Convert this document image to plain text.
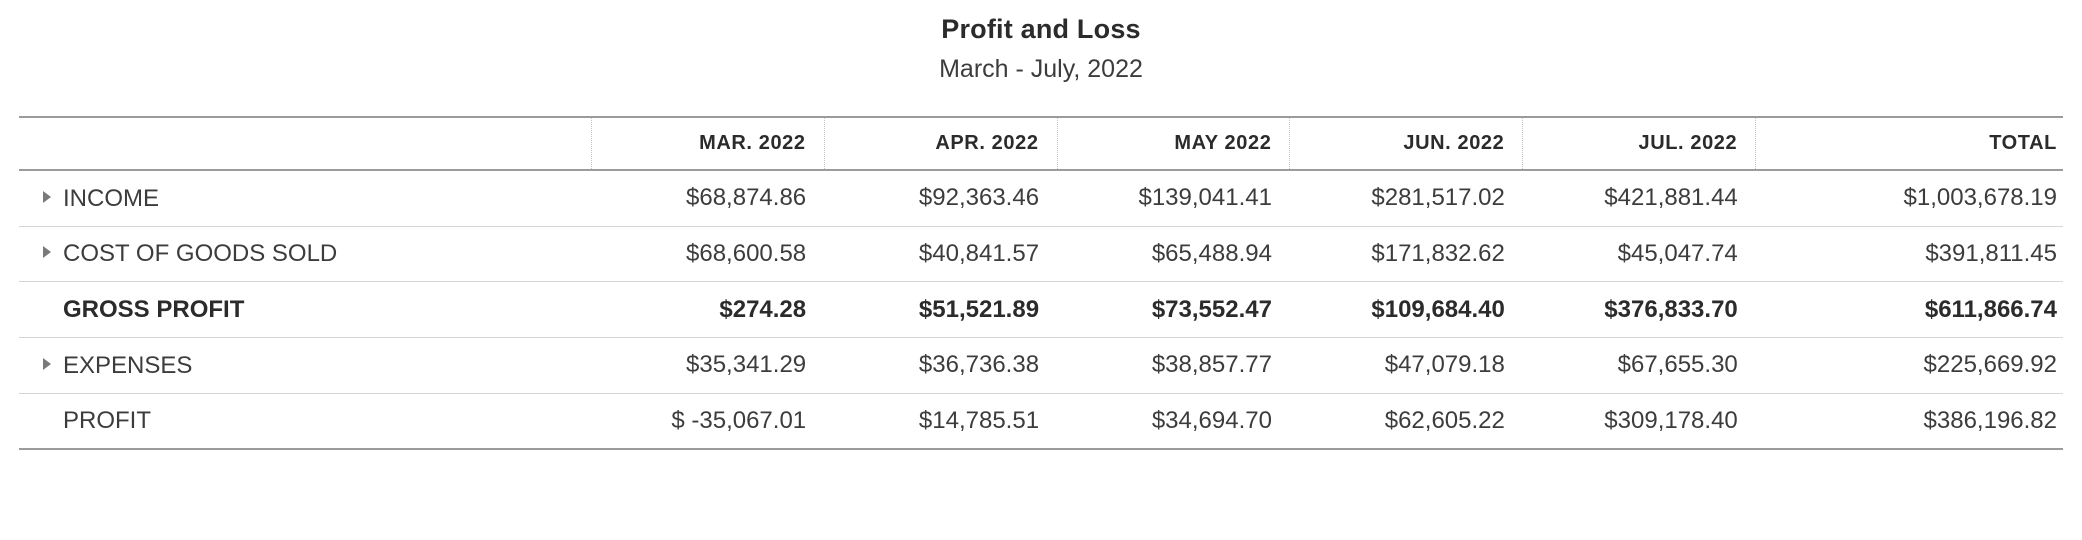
Profit and Loss
March - July, 2022
	MAR. 2022	APR. 2022	MAY 2022	JUN. 2022	JUL. 2022	TOTAL
INCOME	$68,874.86	$92,363.46	$139,041.41	$281,517.02	$421,881.44	$1,003,678.19
COST OF GOODS SOLD	$68,600.58	$40,841.57	$65,488.94	$171,832.62	$45,047.74	$391,811.45
GROSS PROFIT	$274.28	$51,521.89	$73,552.47	$109,684.40	$376,833.70	$611,866.74
EXPENSES	$35,341.29	$36,736.38	$38,857.77	$47,079.18	$67,655.30	$225,669.92
PROFIT	$ -35,067.01	$14,785.51	$34,694.70	$62,605.22	$309,178.40	$386,196.82
